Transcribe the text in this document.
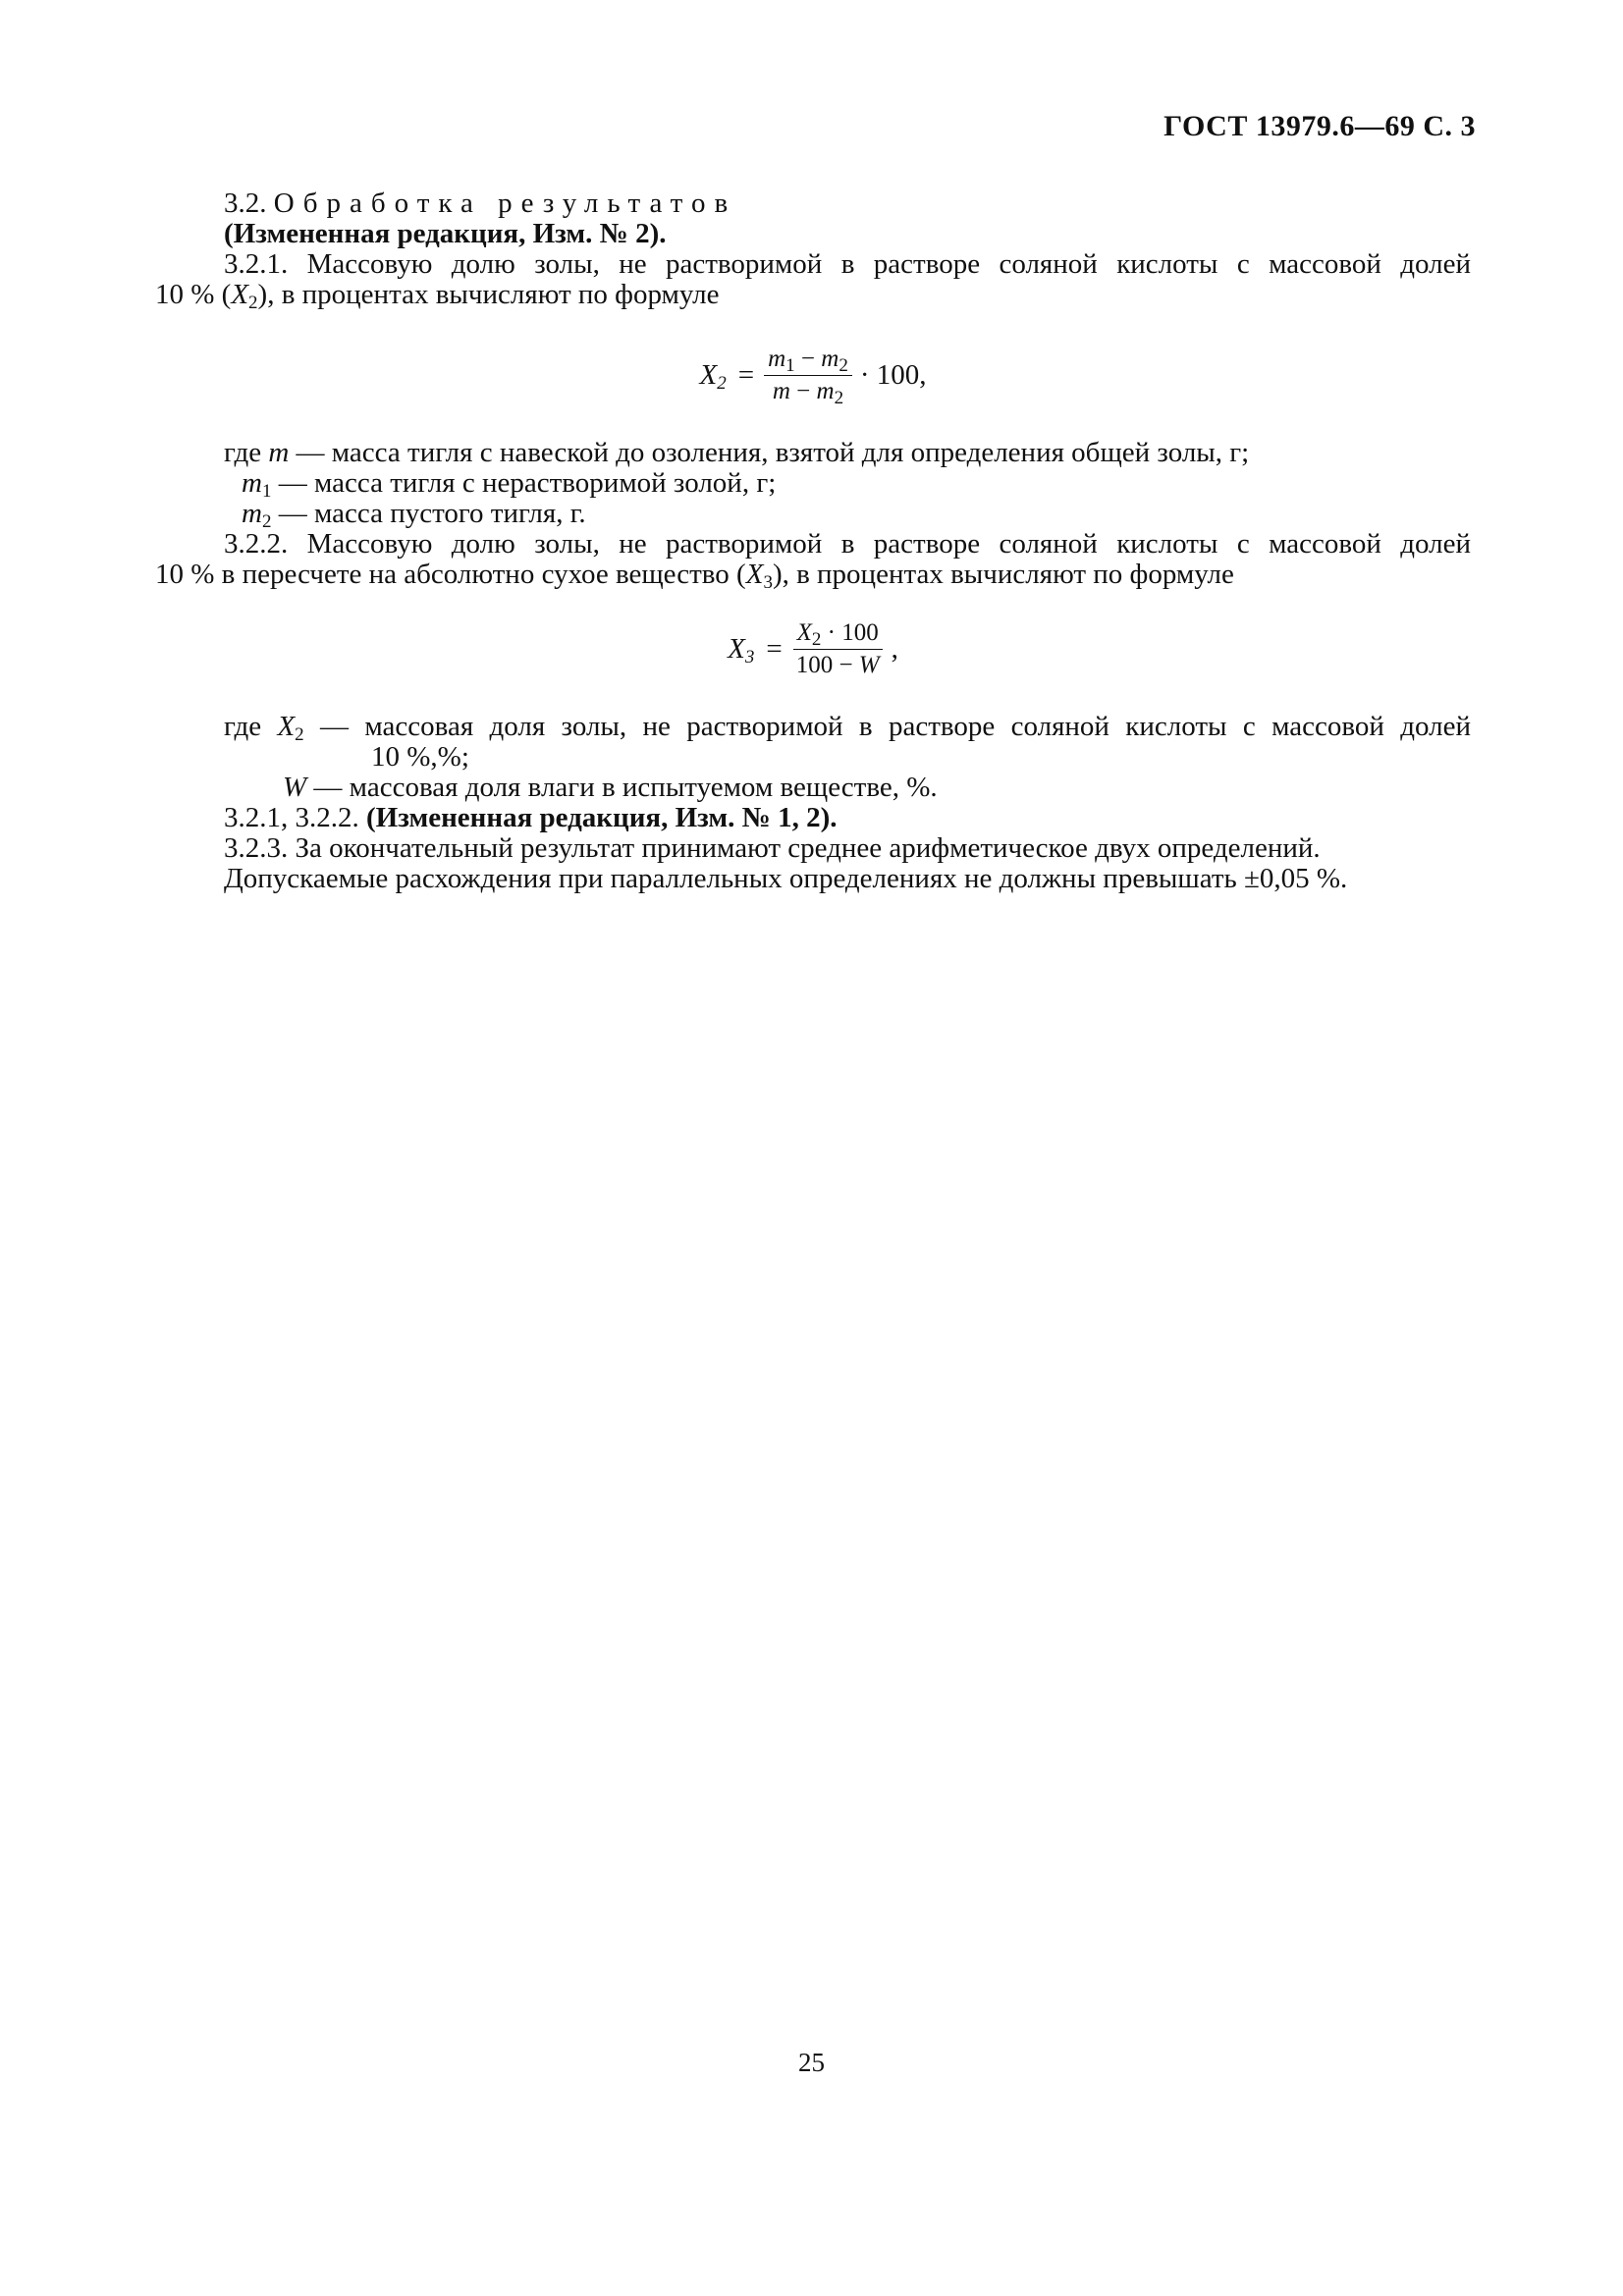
ГОСТ 13979.6—69 С. 3
3.2. Обработка результатов
(Измененная редакция, Изм. № 2).
3.2.1. Массовую долю золы, не растворимой в растворе соляной кислоты с массовой долей
10 % $(X_2)$, в процентах вычисляют по формуле
$X_2 = \frac{m_1 - m_2}{m - m_2} \cdot 100$,
где m — масса тигля с навеской до озоления, взятой для определения общей золы, г;
$m_1$ — масса тигля с нерастворимой золой, г;
$m_2$ — масса пустого тигля, г.
3.2.2. Массовую долю золы, не растворимой в растворе соляной кислоты с массовой долей
10 % в пересчете на абсолютно сухое вещество $(X_3)$, в процентах вычисляют по формуле
$X_3 = \frac{X_2 \cdot 100}{100 - W}$ ,
где $X_2$ — массовая доля золы, не растворимой в растворе соляной кислоты с массовой долей
10 %,%;
W — массовая доля влаги в испытуемом веществе, %.
3.2.1, 3.2.2. (Измененная редакция, Изм. № 1, 2).
3.2.3. За окончательный результат принимают среднее арифметическое двух определений.
Допускаемые расхождения при параллельных определениях не должны превышать ±0,05 %.
25
